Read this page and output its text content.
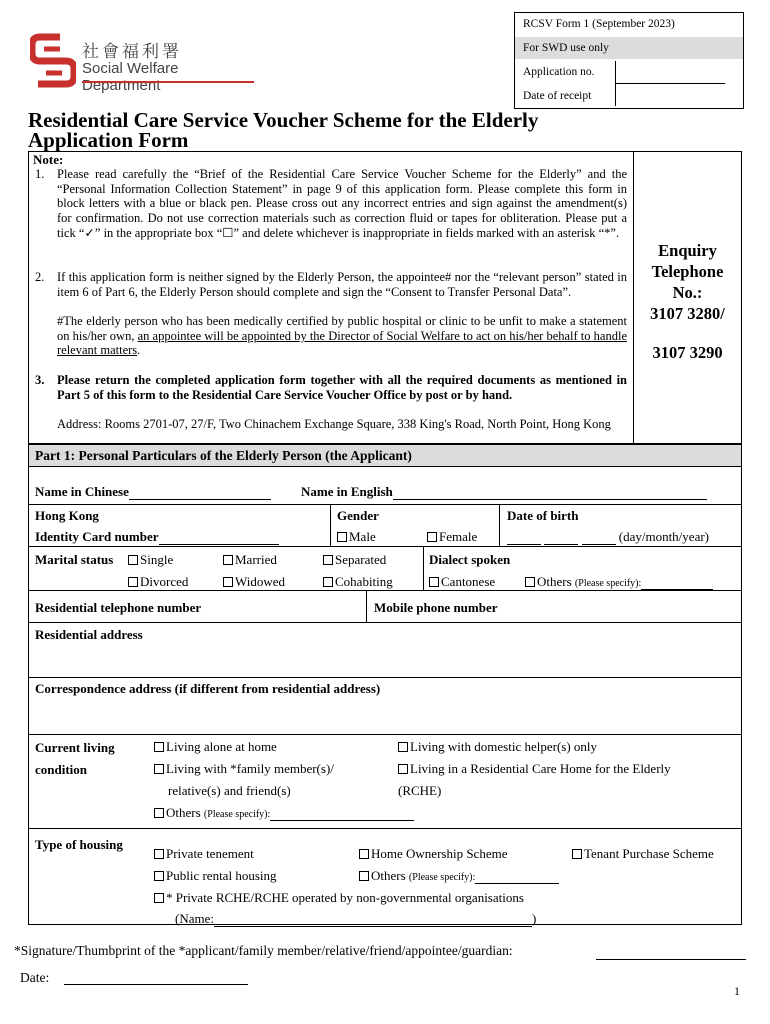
RCSV Form 1 (September 2023)
For SWD use only
Application no.
Date of receipt
社會福利署
Social Welfare Department
Residential Care Service Voucher Scheme for the Elderly
Application Form
Note:
1. Please read carefully the “Brief of the Residential Care Service Voucher Scheme for the Elderly” and the “Personal Information Collection Statement” in page 9 of this application form. Please complete this form in block letters with a blue or black pen. Please cross out any incorrect entries and sign against the amendment(s) for confirmation. Do not use correction materials such as correction fluid or tapes for obliteration. Please put a tick “✓” in the appropriate box “☐” and delete whichever is inappropriate in fields marked with an asterisk “*”.
2. If this application form is neither signed by the Elderly Person, the appointee# nor the “relevant person” stated in item 6 of Part 6, the Elderly Person should complete and sign the “Consent to Transfer Personal Data”.
#The elderly person who has been medically certified by public hospital or clinic to be unfit to make a statement on his/her own, an appointee will be appointed by the Director of Social Welfare to act on his/her behalf to handle relevant matters.
3. Please return the completed application form together with all the required documents as mentioned in Part 5 of this form to the Residential Care Service Voucher Office by post or by hand.
Address: Rooms 2701-07, 27/F, Two Chinachem Exchange Square, 338 King's Road, North Point, Hong Kong
Enquiry
Telephone
No.:
3107 3280/
3107 3290
Part 1: Personal Particulars of the Elderly Person (the Applicant)
Name in Chinese	Name in English
Hong Kong
Identity Card number
Gender
Male	Female
Date of birth
(day/month/year)
Marital status	Single	Married	Separated
Divorced	Widowed	Cohabiting
Dialect spoken
Cantonese	Others (Please specify):
Residential telephone number	Mobile phone number
Residential address
Correspondence address (if different from residential address)
Current living
condition
Living alone at home	Living with domestic helper(s) only
Living with *family member(s)/	Living in a Residential Care Home for the Elderly
relative(s) and friend(s)	(RCHE)
Others (Please specify):
Type of housing
Private tenement	Home Ownership Scheme	Tenant Purchase Scheme
Public rental housing	Others (Please specify):
* Private RCHE/RCHE operated by non-governmental organisations
(Name:	)
*Signature/Thumbprint of the *applicant/family member/relative/friend/appointee/guardian:
Date:
1
